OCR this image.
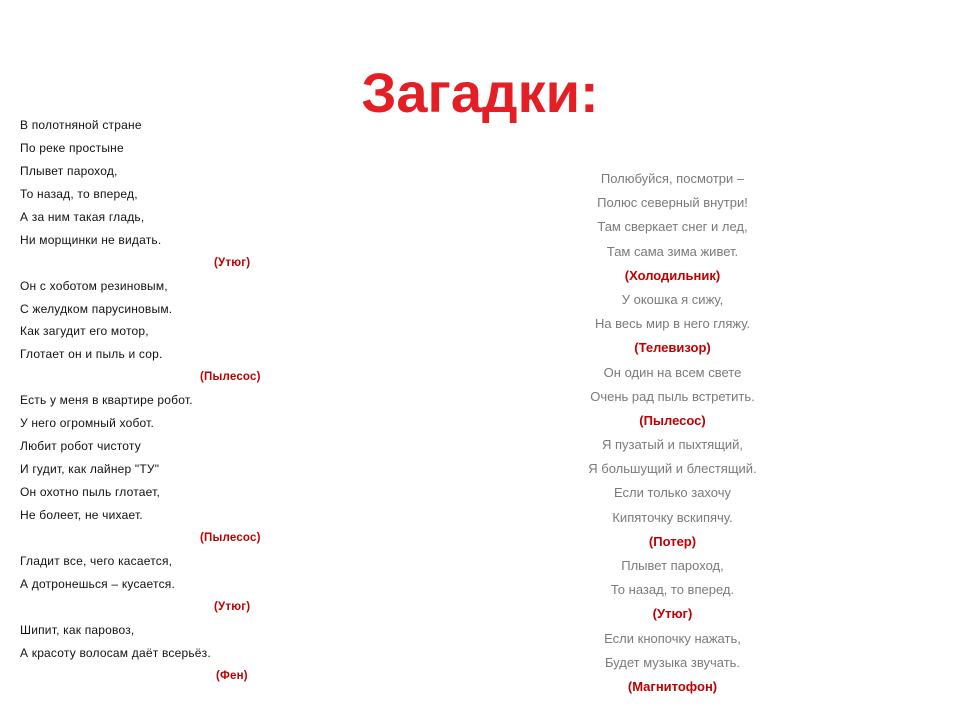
Загадки:
В полотняной стране
По реке простыне
Плывет пароход,
То назад, то вперед,
А за ним такая гладь,
Ни морщинки не видать.
(Утюг)
Он с хоботом резиновым,
С желудком парусиновым.
Как загудит его мотор,
Глотает он и пыль и сор.
(Пылесос)
Есть у меня в квартире робот.
У него огромный хобот.
Любит робот чистоту
И гудит, как лайнер "ТУ"
Он охотно пыль глотает,
Не болеет, не чихает.
(Пылесос)
Гладит все, чего касается,
А дотронешься – кусается.
(Утюг)
Шипит, как паровоз,
А красоту волосам даёт всерьёз.
(Фен)
Полюбуйся, посмотри –
Полюс северный внутри!
Там сверкает снег и лед,
Там сама зима живет.
(Холодильник)
У окошка я сижу,
На весь мир в него гляжу.
(Телевизор)
Он один на всем свете
Очень рад пыль встретить.
(Пылесос)
Я пузатый и пыхтящий,
Я большущий и блестящий.
Если только захочу
Кипяточку вскипячу.
(Потер)
Плывет пароход,
То назад, то вперед.
(Утюг)
Если кнопочку нажать,
Будет музыка звучать.
(Магнитофон)
